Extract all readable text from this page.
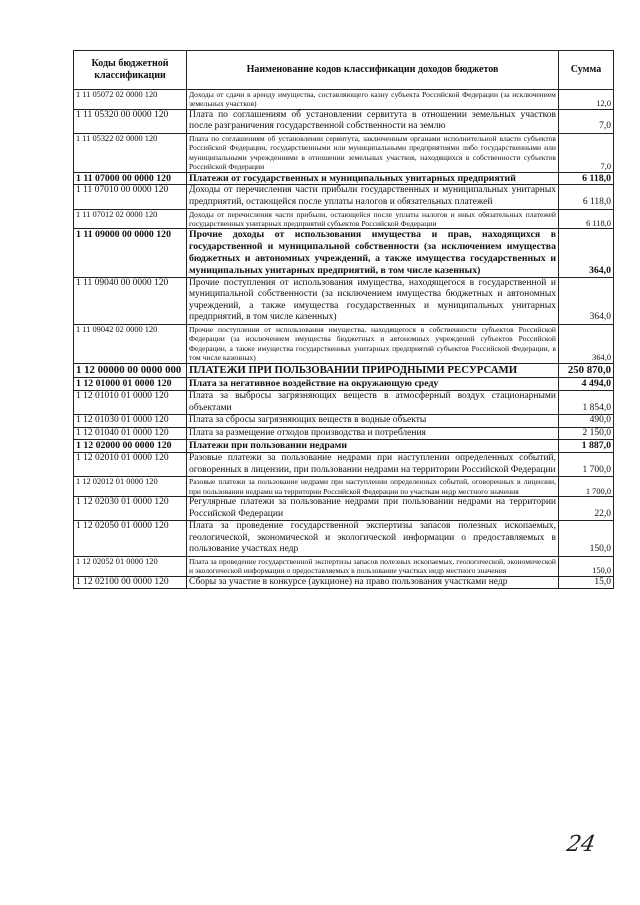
Коды бюджетной классификации	Наименование кодов классификации доходов бюджетов	Сумма
1 11 05072 02 0000 120	Доходы от сдачи в аренду имущества, составляющего казну субъекта Российской Федерации (за исключением земельных участков)	12,0
1 11 05320 00 0000 120	Плата по соглашениям об установлении сервитута в отношении земельных участков после разграничения государственной собственности на землю	7,0
1 11 05322 02 0000 120	Плата по соглашениям об установлении сервитута, заключенным органами исполнительной власти субъектов Российской Федерации, государственными или муниципальными предприятиями либо государственными или муниципальными учреждениями в отношении земельных участков, находящихся в собственности субъектов Российской Федерации	7,0
1 11 07000 00 0000 120	Платежи от государственных и муниципальных унитарных предприятий	6 118,0
1 11 07010 00 0000 120	Доходы от перечисления части прибыли государственных и муниципальных унитарных предприятий, остающейся после уплаты налогов и обязательных платежей	6 118,0
1 11 07012 02 0000 120	Доходы от перечисления части прибыли, остающейся после уплаты налогов и иных обязательных платежей государственных унитарных предприятий субъектов Российской Федерации	6 118,0
1 11 09000 00 0000 120	Прочие доходы от использования имущества и прав, находящихся в государственной и муниципальной собственности (за исключением имущества бюджетных и автономных учреждений, а также имущества государственных и муниципальных унитарных предприятий, в том числе казенных)	364,0
1 11 09040 00 0000 120	Прочие поступления от использования имущества, находящегося в государственной и муниципальной собственности (за исключением имущества бюджетных и автономных учреждений, а также имущества государственных и муниципальных унитарных предприятий, в том числе казенных)	364,0
1 11 09042 02 0000 120	Прочие поступления от использования имущества, находящегося в собственности субъектов Российской Федерации (за исключением имущества бюджетных и автономных учреждений субъектов Российской Федерации, а также имущества государственных унитарных предприятий субъектов Российской Федерации, в том числе казенных)	364,0
1 12 00000 00 0000 000	ПЛАТЕЖИ ПРИ ПОЛЬЗОВАНИИ ПРИРОДНЫМИ РЕСУРСАМИ	250 870,0
1 12 01000 01 0000 120	Плата за негативное воздействие на окружающую среду	4 494,0
1 12 01010 01 0000 120	Плата за выбросы загрязняющих веществ в атмосферный воздух стационарными объектами	1 854,0
1 12 01030 01 0000 120	Плата за сбросы загрязняющих веществ в водные объекты	490,0
1 12 01040 01 0000 120	Плата за размещение отходов производства и потребления	2 150,0
1 12 02000 00 0000 120	Платежи при пользовании недрами	1 887,0
1 12 02010 01 0000 120	Разовые платежи за пользование недрами при наступлении определенных событий, оговоренных в лицензии, при пользовании недрами на территории Российской Федерации	1 700,0
1 12 02012 01 0000 120	Разовые платежи за пользование недрами при наступлении определенных событий, оговоренных в лицензии, при пользовании недрами на территории Российской Федерации по участкам недр местного значения	1 700,0
1 12 02030 01 0000 120	Регулярные платежи за пользование недрами при пользовании недрами на территории Российской Федерации	22,0
1 12 02050 01 0000 120	Плата за проведение государственной экспертизы запасов полезных ископаемых, геологической, экономической и экологической информации о предоставляемых в пользование участках недр	150,0
1 12 02052 01 0000 120	Плата за проведение государственной экспертизы запасов полезных ископаемых, геологической, экономической и экологической информации о предоставляемых в пользование участках недр местного значения	150,0
1 12 02100 00 0000 120	Сборы за участие в конкурсе (аукционе) на право пользования участками недр	15,0
24
